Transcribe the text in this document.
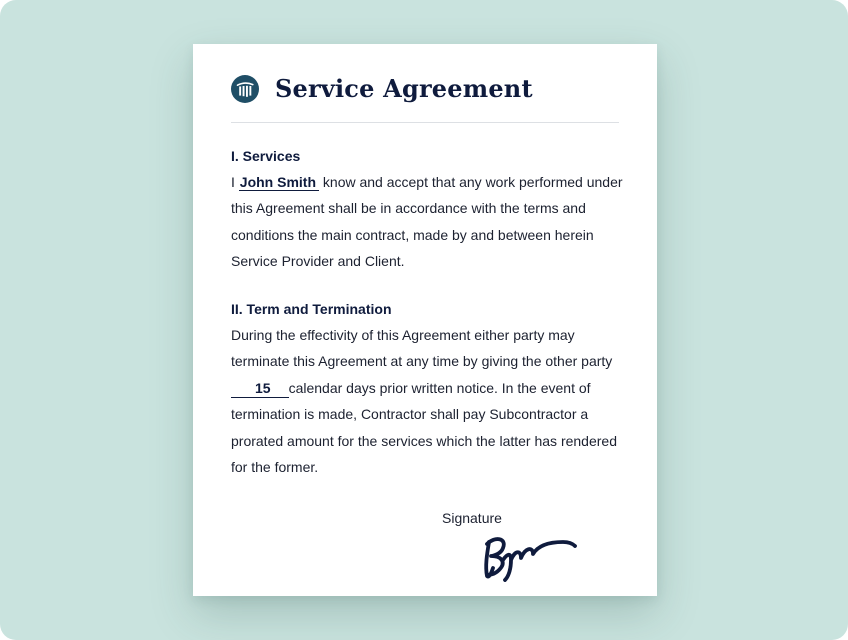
Service Agreement
I. Services
I John Smith know and accept that any work performed under this Agreement shall be in accordance with the terms and conditions the main contract, made by and between herein Service Provider and Client.
II. Term and Termination
During the effectivity of this Agreement either party may terminate this Agreement at any time by giving the other party15 calendar days prior written notice. In the event of termination is made, Contractor shall pay Subcontractor a prorated amount for the services which the latter has rendered for the former.
Signature
